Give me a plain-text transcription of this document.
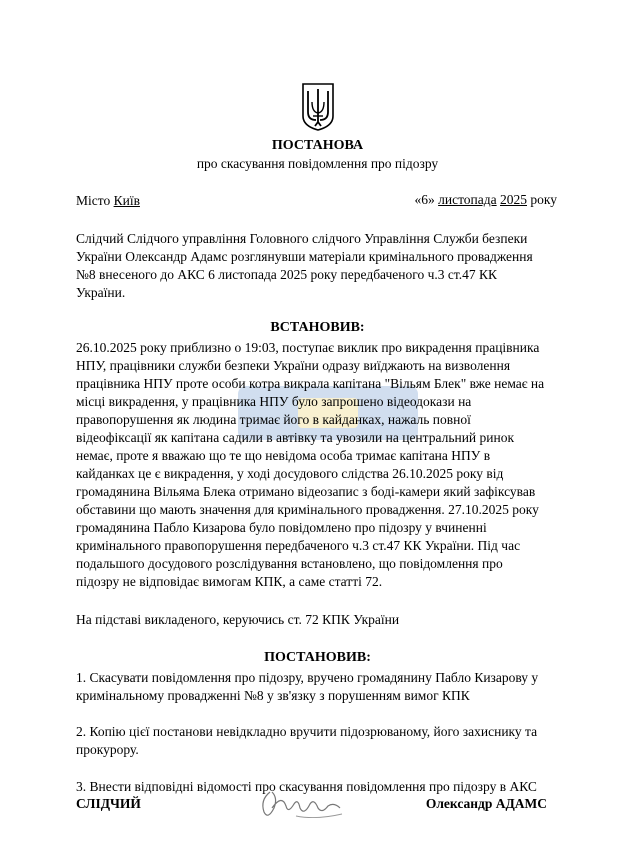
ПОСТАНОВА
про скасування повідомлення про підозру
Місто Київ	«6» листопада 2025 року
Слідчий Слідчого управління Головного слідчого Управління Служби безпеки
України Олександр Адамс розглянувши матеріали кримінального провадження
№8 внесеного до АКС 6 листопада 2025 року передбаченого ч.3 ст.47 КК
України.
ВСТАНОВИВ:
26.10.2025 року приблизно о 19:03, поступає виклик про викрадення працівника
НПУ, працівники служби безпеки України одразу виїджають на визволення
працівника НПУ проте особи котра викрала капітана "Вільям Блек" вже немає на
місці викрадення, у працівника НПУ було запрошено відеодокази на
правопорушення як людина тримає його в кайданках, нажаль повної
відеофіксації як капітана садили в автівку та увозили на центральний ринок
немає, проте я вважаю що те що невідома особа тримає капітана НПУ в
кайданках це є викрадення, у ході досудового слідства 26.10.2025 року від
громадянина Вільяма Блека отримано відеозапис з боді-камери який зафіксував
обставини що мають значення для кримінального провадження. 27.10.2025 року
громадянина Пабло Кизарова було повідомлено про підозру у вчиненні
кримінального правопорушення передбаченого ч.3 ст.47 КК України. Під час
подальшого досудового розслідування встановлено, що повідомлення про
підозру не відповідає вимогам КПК, а саме статті 72.
На підставі викладеного, керуючись ст. 72 КПК України
ПОСТАНОВИВ:
1. Скасувати повідомлення про підозру, вручено громадянину Пабло Кизарову у
кримінальному провадженні №8 у зв'язку з порушенням вимог КПК
2. Копію цієї постанови невідкладно вручити підозрюваному, його захиснику та
прокурору.
3. Внести відповідні відомості про скасування повідомлення про підозру в АКС
СЛІДЧИЙ	Олександр АДАМС
